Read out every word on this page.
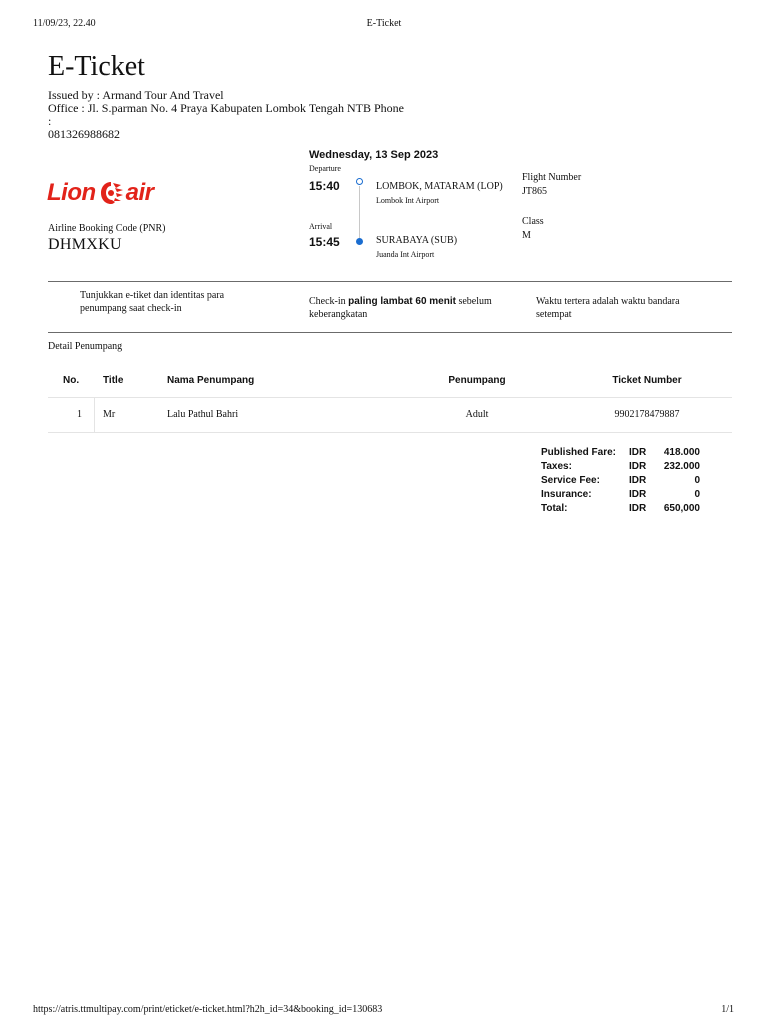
11/09/23, 22.40	E-Ticket
E-Ticket
Issued by : Armand Tour And Travel
Office : Jl. S.parman No. 4 Praya Kabupaten Lombok Tengah NTB Phone :
081326988682
Lion air
Airline Booking Code (PNR)
DHMXKU
Wednesday, 13 Sep 2023
Departure
15:40
Arrival
15:45
LOMBOK, MATARAM (LOP)
Lombok Int Airport
SURABAYA (SUB)
Juanda Int Airport
Flight Number
JT865
Class
M
Tunjukkan e-tiket dan identitas para penumpang saat check-in
Check-in paling lambat 60 menit sebelum keberangkatan
Waktu tertera adalah waktu bandara setempat
Detail Penumpang
No. Title	Nama Penumpang	Penumpang	Ticket Number
1 Mr	Lalu Pathul Bahri	Adult	9902178479887
Published Fare: IDR	418.000
Taxes:	IDR	232.000
Service Fee:	IDR	0
Insurance:	IDR	0
Total:	IDR	650,000
https://atris.ttmultipay.com/print/eticket/e-ticket.html?h2h_id=34&booking_id=130683	1/1
